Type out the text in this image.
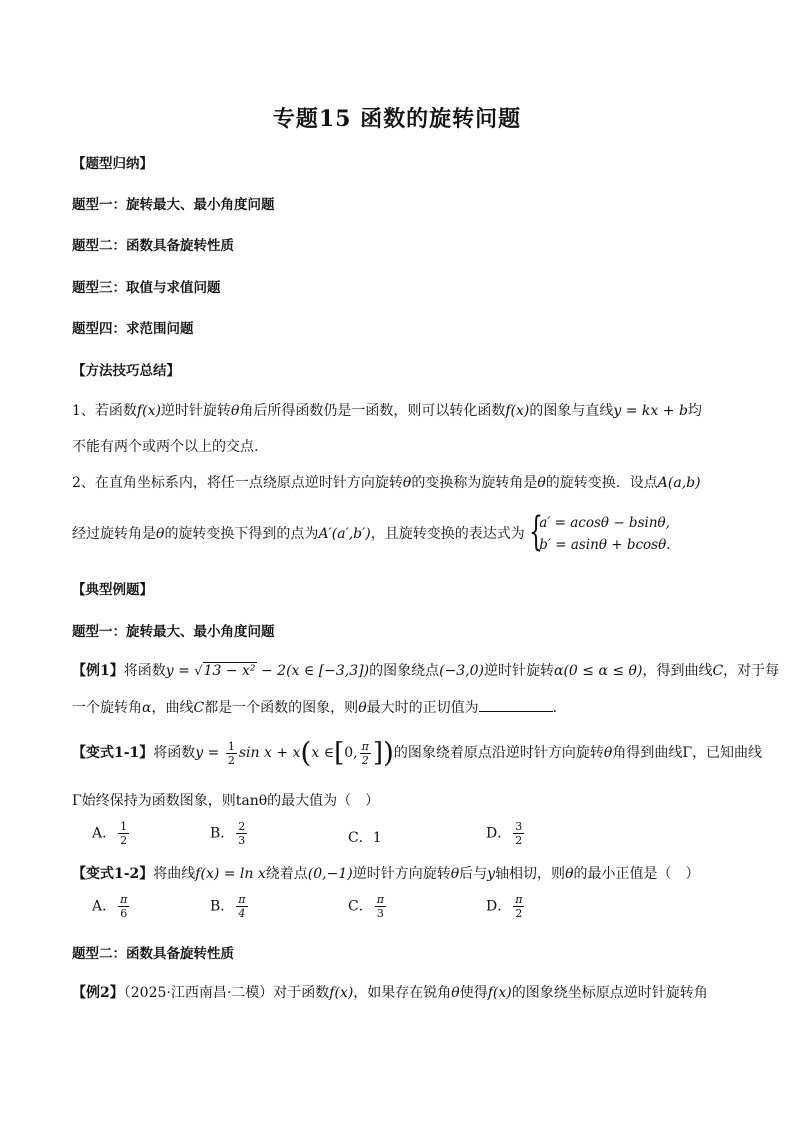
专题15 函数的旋转问题
【题型归纳】
题型一：旋转最大、最小角度问题
题型二：函数具备旋转性质
题型三：取值与求值问题
题型四：求范围问题
【方法技巧总结】
1、若函数f(x)逆时针旋转θ角后所得函数仍是一函数，则可以转化函数f(x)的图象与直线y = kx + b均
不能有两个或两个以上的交点.
2、在直角坐标系内，将任一点绕原点逆时针方向旋转θ的变换称为旋转角是θ的旋转变换．设点A(a,b)
经过旋转角是θ的旋转变换下得到的点为A′(a′,b′)，且旋转变换的表达式为 {
a′ = acosθ − bsinθ,
b′ = asinθ + bcosθ.
【典型例题】
题型一：旋转最大、最小角度问题
【例1】将函数y = √13 − x² − 2(x ∈ [−3,3])的图象绕点(−3,0)逆时针旋转α(0 ≤ α ≤ θ)，得到曲线C，对于每
一个旋转角α，曲线C都是一个函数的图象，则θ最大时的正切值为	.
【变式1-1】将函数$y = \frac{1}{2}$ sin x + x(x ∈[0, $\frac{\pi}{2}$ ])的图象绕着原点沿逆时针方向旋转θ角得到曲线Γ，已知曲线
Γ始终保持为函数图象，则tanθ的最大值为（　）
A． $\frac{1}{2}$	B． $\frac{2}{3}$	C．1	D． $\frac{3}{2}$
【变式1-2】将曲线f(x) = ln x绕着点(0,−1)逆时针方向旋转θ后与y轴相切，则θ的最小正值是（　）
A． $\frac{\pi}{6}$	B． $\frac{\pi}{4}$	C． $\frac{\pi}{3}$	D． $\frac{\pi}{2}$
题型二：函数具备旋转性质
【例2】（2025·江西南昌·二模）对于函数f(x)，如果存在锐角θ使得f(x)的图象绕坐标原点逆时针旋转角
